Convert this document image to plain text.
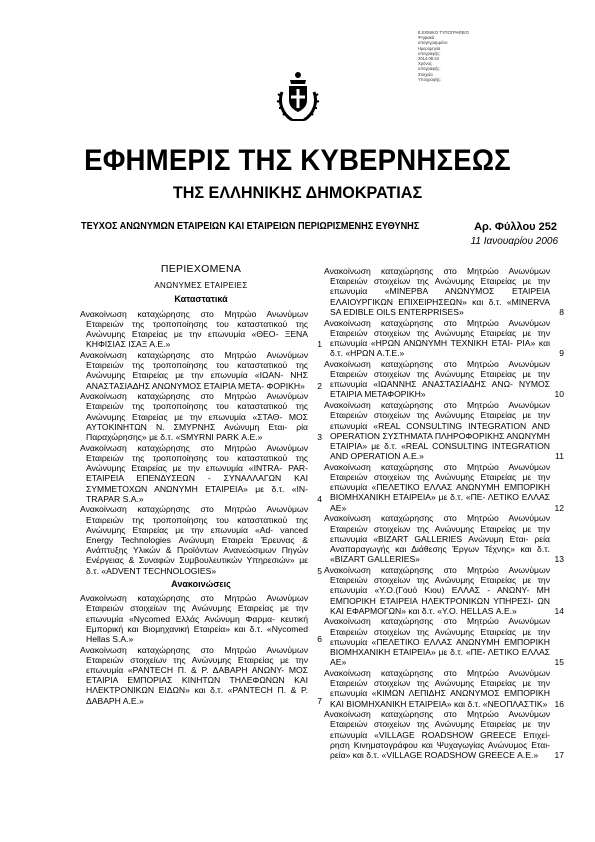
Ε.ΕΘΝΙΚΟ ΤΥΠΟΓΡΑΦΕΙΟ
Ψηφιακά
υπογεγραμμένο
Ημερομηνία
υπογραφής:
2014.09.22
Χρόνος
υπογραφής:
Στοιχεία
Υπογραφής:
ΕΦΗΜΕΡΙΣ ΤΗΣ ΚΥΒΕΡΝΗΣΕΩΣ
ΤΗΣ ΕΛΛΗΝΙΚΗΣ ΔΗΜΟΚΡΑΤΙΑΣ
ΤΕΥΧΟΣ ΑΝΩΝΥΜΩΝ ΕΤΑΙΡΕΙΩΝ ΚΑΙ ΕΤΑΙΡΕΙΩΝ ΠΕΡΙΩΡΙΣΜΕΝΗΣ ΕΥΘΥΝΗΣ	Αρ. Φύλλου 252
11 Ιανουαρίου 2006
ΠΕΡΙΕΧΟΜΕΝΑ
ΑΝΩΝΥΜΕΣ ΕΤΑΙΡΕΙΕΣ
Καταστατικά
Ανακοίνωση καταχώρησης στο Μητρώο Ανωνύμων Εταιρειών της τροποποίησης του καταστατικού της Ανώνυμης Εταιρείας με την επωνυμία «ΘΕΟ- ΞΕΝΑ ΚΗΦΙΣΙΑΣ ΙΣΑΞ Α.Ε.»	1
Ανακοίνωση καταχώρησης στο Μητρώο Ανωνύμων Εταιρειών της τροποποίησης του καταστατικού της Ανώνυμης Εταιρείας με την επωνυμία «ΙΩΑΝ- ΝΗΣ ΑΝΑΣΤΑΣΙΑΔΗΣ ΑΝΩΝΥΜΟΣ ΕΤΑΙΡΙΑ ΜΕΤΑ- ΦΟΡΙΚΗ»	2
Ανακοίνωση καταχώρησης στο Μητρώο Ανωνύμων Εταιρειών της τροποποίησης του καταστατικού της Ανώνυμης Εταιρείας με την επωνυμία «ΣΤΑΘ- ΜΟΣ ΑΥΤΟΚΙΝΗΤΩΝ Ν. ΣΜΥΡΝΗΣ Ανώνυμη Εται- ρία Παραχώρησης» με δ.τ. «SMYRNI PARK Α.Ε.»	3
Ανακοίνωση καταχώρησης στο Μητρώο Ανωνύμων Εταιρειών της τροποποίησης του καταστατικού της Ανώνυμης Εταιρείας με την επωνυμία «INTRA- PAR- ΕΤΑΙΡΕΙΑ ΕΠΕΝΔΥΣΕΩΝ - ΣΥΝΑΛΛΑΓΩΝ ΚΑΙ ΣΥΜΜΕΤΟΧΩΝ ΑΝΩΝΥΜΗ ΕΤΑΙΡΕΙΑ» με δ.τ. «IN- TRAPAR S.A.»	4
Ανακοίνωση καταχώρησης στο Μητρώο Ανωνύμων Εταιρειών της τροποποίησης του καταστατικού της Ανώνυμης Εταιρείας με την επωνυμία «Ad- vanced Energy Technologies Ανώνυμη Εταιρεία Έρευνας & Ανάπτυξης Υλικών & Προϊόντων Ανανεώσιμων Πηγών Ενέργειας & Συναφών Συμβουλευτικών Υπηρεσιών» με δ.τ. «ADVENT TECHNOLOGIES»	5
Ανακοινώσεις
Ανακοίνωση καταχώρησης στο Μητρώο Ανωνύμων Εταιρειών στοιχείων της Ανώνυμης Εταιρείας με την επωνυμία «Nycomed Ελλάς Ανώνυμη Φαρμα- κευτική Εμπορική και Βιομηχανική Εταιρεία» και δ.τ. «Nycomed Hellas S.A.»	6
Ανακοίνωση καταχώρησης στο Μητρώο Ανωνύμων Εταιρειών στοιχείων της Ανώνυμης Εταιρείας με την επωνυμία «PANTECH Π. & Ρ. ΔΑΒΑΡΗ ΑΝΩΝΥ- ΜΟΣ ΕΤΑΙΡΙΑ ΕΜΠΟΡΙΑΣ ΚΙΝΗΤΩΝ ΤΗΛΕΦΩΝΩΝ ΚΑΙ ΗΛΕΚΤΡΟΝΙΚΩΝ ΕΙΔΩΝ» και δ.τ. «PANTECH Π. & Ρ. ΔΑΒΑΡΗ Α.Ε.»	7
Ανακοίνωση καταχώρησης στο Μητρώο Ανωνύμων Εταιρειών στοιχείων της Ανώνυμης Εταιρείας με την επωνυμία «ΜΙΝΕΡΒΑ ΑΝΩΝΥΜΟΣ ΕΤΑΙΡΕΙΑ ΕΛΑΙΟΥΡΓΙΚΩΝ ΕΠΙΧΕΙΡΗΣΕΩΝ» και δ.τ. «MINERVA SA EDIBLE OILS ENTERPRISES»	8
Ανακοίνωση καταχώρησης στο Μητρώο Ανωνύμων Εταιρειών στοιχείων της Ανώνυμης Εταιρείας με την επωνυμία «ΗΡΩΝ ΑΝΩΝΥΜΗ ΤΕΧΝΙΚΗ ΕΤΑΙ- ΡΙΑ» και δ.τ. «ΗΡΩΝ Α.Τ.Ε.»	9
Ανακοίνωση καταχώρησης στο Μητρώο Ανωνύμων Εταιρειών στοιχείων της Ανώνυμης Εταιρείας με την επωνυμία «ΙΩΑΝΝΗΣ ΑΝΑΣΤΑΣΙΑΔΗΣ ΑΝΩ- ΝΥΜΟΣ ΕΤΑΙΡΙΑ ΜΕΤΑΦΟΡΙΚΗ»	10
Ανακοίνωση καταχώρησης στο Μητρώο Ανωνύμων Εταιρειών στοιχείων της Ανώνυμης Εταιρείας με την επωνυμία «REAL CONSULTING INTEGRATION AND OPERATION ΣΥΣΤΗΜΑΤΑ ΠΛΗΡΟΦΟΡΙΚΗΣ ΑΝΩΝΥΜΗ ΕΤΑΙΡΙΑ» με δ.τ. «REAL CONSULTING INTEGRATION AND OPERATION Α.Ε.»	11
Ανακοίνωση καταχώρησης στο Μητρώο Ανωνύμων Εταιρειών στοιχείων της Ανώνυμης Εταιρείας με την επωνυμία «ΠΕΛΕΤΙΚΟ ΕΛΛΑΣ ΑΝΩΝΥΜΗ ΕΜΠΟΡΙΚΗ ΒΙΟΜΗΧΑΝΙΚΗ ΕΤΑΙΡΕΙΑ» με δ.τ. «ΠΕ- ΛΕΤΙΚΟ ΕΛΛΑΣ ΑΕ»	12
Ανακοίνωση καταχώρησης στο Μητρώο Ανωνύμων Εταιρειών στοιχείων της Ανώνυμης Εταιρείας με την επωνυμία «BIZART GALLERIES Ανώνυμη Εται- ρεία Αναπαραγωγής και Διάθεσης Έργων Τέχνης» και δ.τ. «BIZART GALLERIES»	13
Ανακοίνωση καταχώρησης στο Μητρώο Ανωνύμων Εταιρειών στοιχείων της Ανώνυμης Εταιρείας με την επωνυμία «Υ.Ο.(Γουό Κιου) ΕΛΛΑΣ - ΑΝΩΝΥ- ΜΗ ΕΜΠΟΡΙΚΗ ΕΤΑΙΡΕΙΑ ΗΛΕΚΤΡΟΝΙΚΩΝ ΥΠΗΡΕΣΙ- ΩΝ ΚΑΙ ΕΦΑΡΜΟΓΩΝ» και δ.τ. «Υ.Ο. HELLAS Α.Ε.»	14
Ανακοίνωση καταχώρησης στο Μητρώο Ανωνύμων Εταιρειών στοιχείων της Ανώνυμης Εταιρείας με την επωνυμία «ΠΕΛΕΤΙΚΟ ΕΛΛΑΣ ΑΝΩΝΥΜΗ ΕΜΠΟΡΙΚΗ ΒΙΟΜΗΧΑΝΙΚΗ ΕΤΑΙΡΕΙΑ» με δ.τ. «ΠΕ- ΛΕΤΙΚΟ ΕΛΛΑΣ ΑΕ»	15
Ανακοίνωση καταχώρησης στο Μητρώο Ανωνύμων Εταιρειών στοιχείων της Ανώνυμης Εταιρείας με την επωνυμία «ΚΙΜΩΝ ΛΕΠΙΔΗΣ ΑΝΩΝΥΜΟΣ ΕΜΠΟΡΙΚΗ ΚΑΙ ΒΙΟΜΗΧΑΝΙΚΗ ΕΤΑΙΡΕΙΑ» και δ.τ. «ΝΕΟΠΛΑΣΤΙΚ» 16
Ανακοίνωση καταχώρησης στο Μητρώο Ανωνύμων Εταιρειών στοιχείων της Ανώνυμης Εταιρείας με την επωνυμία «VILLAGE ROADSHOW GREECE Επιχεί- ρηση Κινηματογράφου και Ψυχαγωγίας Ανώνυμος Εται- ρεία» και δ.τ. «VILLAGE ROADSHOW GREECE Α.Ε.»	17
